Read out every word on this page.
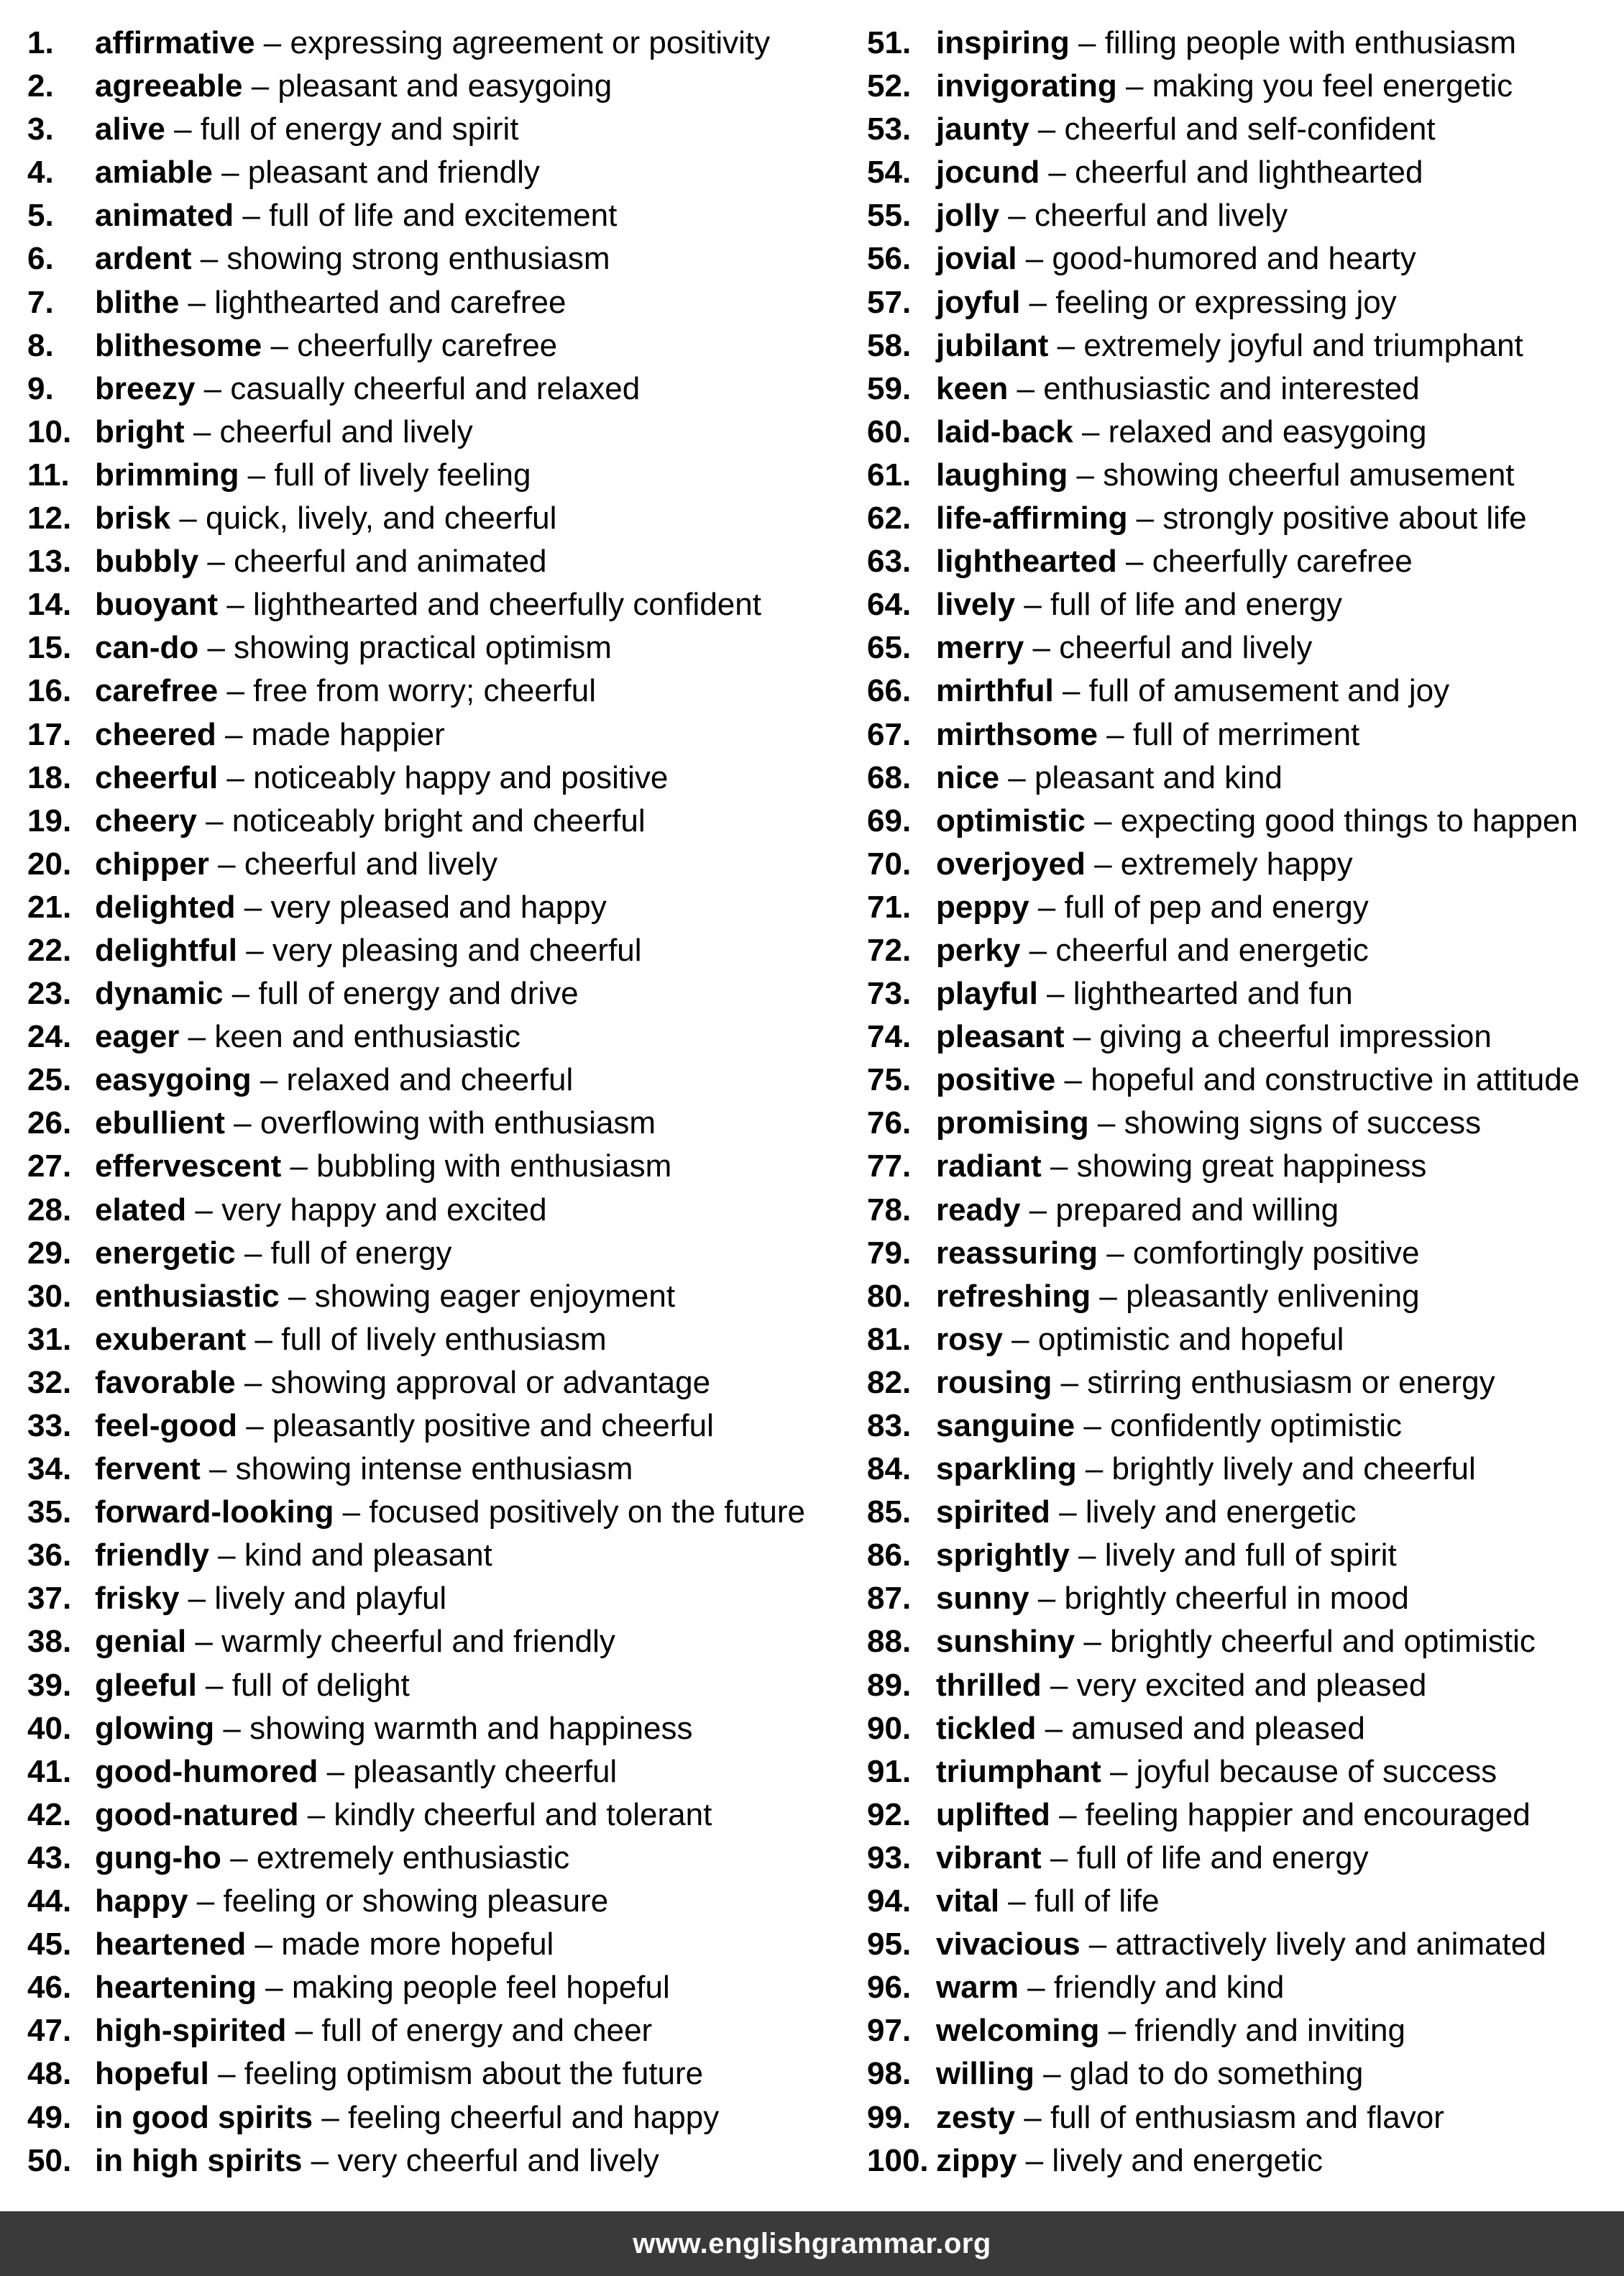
1. affirmative – expressing agreement or positivity
2. agreeable – pleasant and easygoing
3. alive – full of energy and spirit
4. amiable – pleasant and friendly
5. animated – full of life and excitement
6. ardent – showing strong enthusiasm
7. blithe – lighthearted and carefree
8. blithesome – cheerfully carefree
9. breezy – casually cheerful and relaxed
10. bright – cheerful and lively
11. brimming – full of lively feeling
12. brisk – quick, lively, and cheerful
13. bubbly – cheerful and animated
14. buoyant – lighthearted and cheerfully confident
15. can-do – showing practical optimism
16. carefree – free from worry; cheerful
17. cheered – made happier
18. cheerful – noticeably happy and positive
19. cheery – noticeably bright and cheerful
20. chipper – cheerful and lively
21. delighted – very pleased and happy
22. delightful – very pleasing and cheerful
23. dynamic – full of energy and drive
24. eager – keen and enthusiastic
25. easygoing – relaxed and cheerful
26. ebullient – overflowing with enthusiasm
27. effervescent – bubbling with enthusiasm
28. elated – very happy and excited
29. energetic – full of energy
30. enthusiastic – showing eager enjoyment
31. exuberant – full of lively enthusiasm
32. favorable – showing approval or advantage
33. feel-good – pleasantly positive and cheerful
34. fervent – showing intense enthusiasm
35. forward-looking – focused positively on the future
36. friendly – kind and pleasant
37. frisky – lively and playful
38. genial – warmly cheerful and friendly
39. gleeful – full of delight
40. glowing – showing warmth and happiness
41. good-humored – pleasantly cheerful
42. good-natured – kindly cheerful and tolerant
43. gung-ho – extremely enthusiastic
44. happy – feeling or showing pleasure
45. heartened – made more hopeful
46. heartening – making people feel hopeful
47. high-spirited – full of energy and cheer
48. hopeful – feeling optimism about the future
49. in good spirits – feeling cheerful and happy
50. in high spirits – very cheerful and lively
51. inspiring – filling people with enthusiasm
52. invigorating – making you feel energetic
53. jaunty – cheerful and self-confident
54. jocund – cheerful and lighthearted
55. jolly – cheerful and lively
56. jovial – good-humored and hearty
57. joyful – feeling or expressing joy
58. jubilant – extremely joyful and triumphant
59. keen – enthusiastic and interested
60. laid-back – relaxed and easygoing
61. laughing – showing cheerful amusement
62. life-affirming – strongly positive about life
63. lighthearted – cheerfully carefree
64. lively – full of life and energy
65. merry – cheerful and lively
66. mirthful – full of amusement and joy
67. mirthsome – full of merriment
68. nice – pleasant and kind
69. optimistic – expecting good things to happen
70. overjoyed – extremely happy
71. peppy – full of pep and energy
72. perky – cheerful and energetic
73. playful – lighthearted and fun
74. pleasant – giving a cheerful impression
75. positive – hopeful and constructive in attitude
76. promising – showing signs of success
77. radiant – showing great happiness
78. ready – prepared and willing
79. reassuring – comfortingly positive
80. refreshing – pleasantly enlivening
81. rosy – optimistic and hopeful
82. rousing – stirring enthusiasm or energy
83. sanguine – confidently optimistic
84. sparkling – brightly lively and cheerful
85. spirited – lively and energetic
86. sprightly – lively and full of spirit
87. sunny – brightly cheerful in mood
88. sunshiny – brightly cheerful and optimistic
89. thrilled – very excited and pleased
90. tickled – amused and pleased
91. triumphant – joyful because of success
92. uplifted – feeling happier and encouraged
93. vibrant – full of life and energy
94. vital – full of life
95. vivacious – attractively lively and animated
96. warm – friendly and kind
97. welcoming – friendly and inviting
98. willing – glad to do something
99. zesty – full of enthusiasm and flavor
100. zippy – lively and energetic
www.englishgrammar.org
